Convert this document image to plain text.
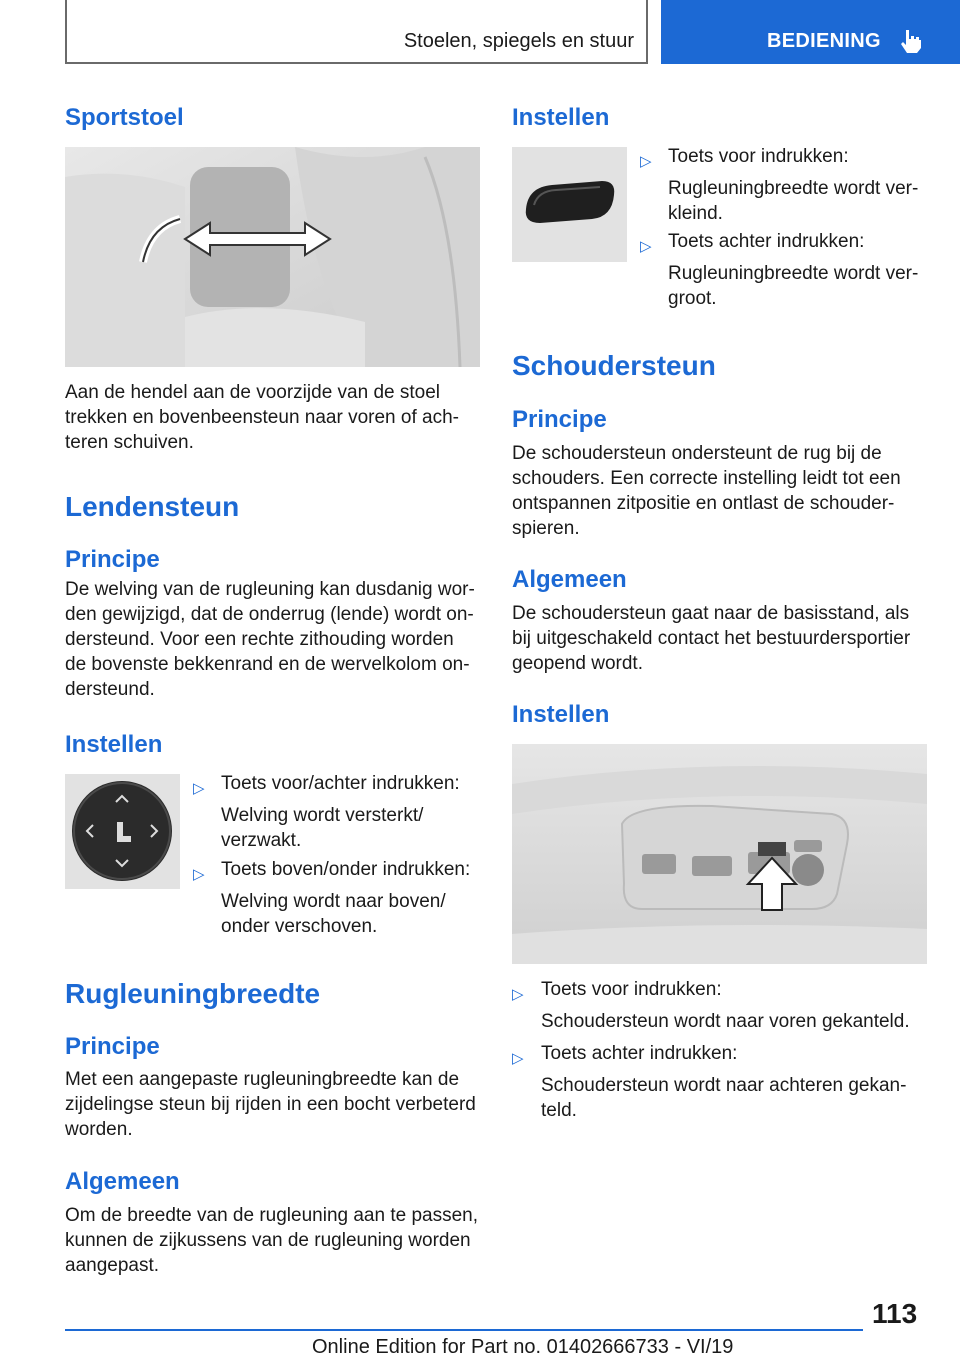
Stoelen, spiegels en stuur	BEDIENING
Sportstoel
Aan de hendel aan de voorzijde van de stoel
trekken en bovenbeensteun naar voren of ach-
teren schuiven.
Lendensteun
Principe
De welving van de rugleuning kan dusdanig wor-
den gewijzigd, dat de onderrug (lende) wordt on-
dersteund. Voor een rechte zithouding worden
de bovenste bekkenrand en de wervelkolom on-
dersteund.
Instellen
▷ Toets voor/achter indrukken:
Welving wordt versterkt/
verzwakt.
▷ Toets boven/onder indrukken:
Welving wordt naar boven/
onder verschoven.
Rugleuningbreedte
Principe
Met een aangepaste rugleuningbreedte kan de
zijdelingse steun bij rijden in een bocht verbeterd
worden.
Algemeen
Om de breedte van de rugleuning aan te passen,
kunnen de zijkussens van de rugleuning worden
aangepast.
Instellen
▷ Toets voor indrukken:
Rugleuningbreedte wordt ver-
kleind.
▷ Toets achter indrukken:
Rugleuningbreedte wordt ver-
groot.
Schoudersteun
Principe
De schoudersteun ondersteunt de rug bij de
schouders. Een correcte instelling leidt tot een
ontspannen zitpositie en ontlast de schouder-
spieren.
Algemeen
De schoudersteun gaat naar de basisstand, als
bij uitgeschakeld contact het bestuurdersportier
geopend wordt.
Instellen
▷ Toets voor indrukken:
Schoudersteun wordt naar voren gekanteld.
▷ Toets achter indrukken:
Schoudersteun wordt naar achteren gekan-
teld.
113
Online Edition for Part no. 01402666733 - VI/19
